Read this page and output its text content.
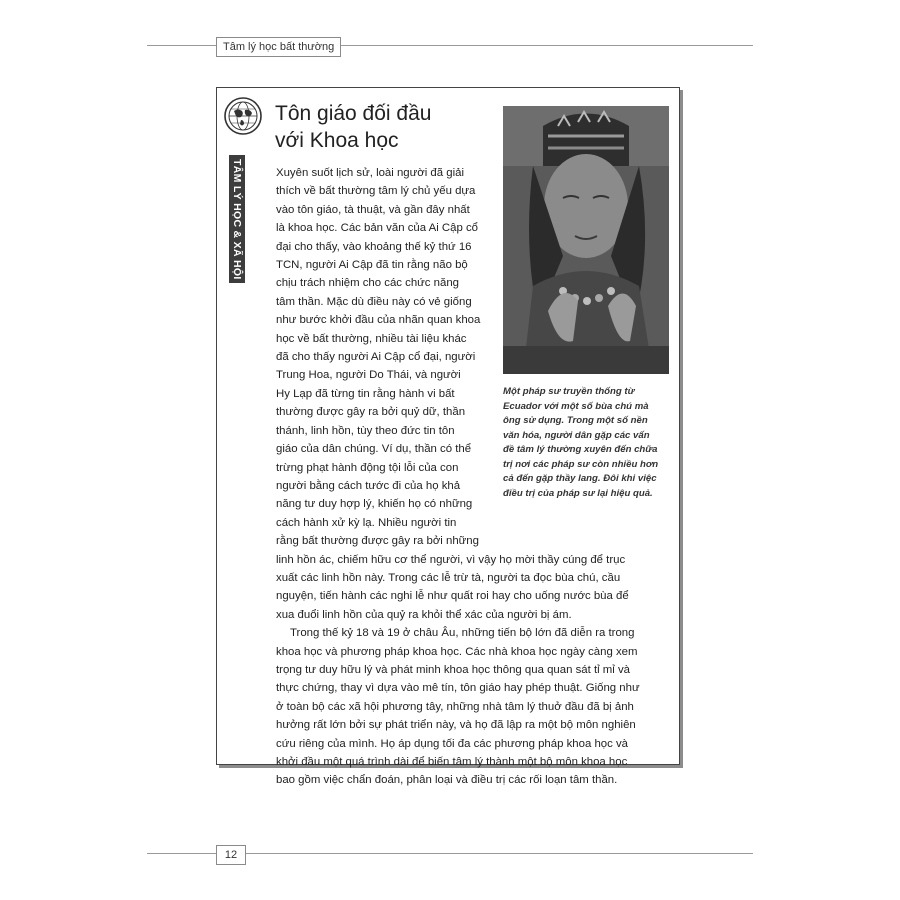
Tâm lý học bất thường
TÂM LÝ HỌC & XÃ HỘI
Tôn giáo đối đầu
với Khoa học
Một pháp sư truyền thống từ
Ecuador với một số bùa chú mà
ông sử dụng. Trong một số nền
văn hóa, người dân gặp các vấn
đề tâm lý thường xuyên đến chữa
trị nơi các pháp sư còn nhiều hơn
cả đến gặp thầy lang. Đôi khi việc
điều trị của pháp sư lại hiệu quả.
Xuyên suốt lịch sử, loài người đã giải
thích về bất thường tâm lý chủ yếu dựa
vào tôn giáo, tà thuật, và gần đây nhất
là khoa học. Các bản văn của Ai Cập cổ
đại cho thấy, vào khoảng thế kỷ thứ 16
TCN, người Ai Cập đã tin rằng não bộ
chịu trách nhiệm cho các chức năng
tâm thần. Mặc dù điều này có vẻ giống
như bước khởi đầu của nhãn quan khoa
học về bất thường, nhiều tài liệu khác
đã cho thấy người Ai Cập cổ đại, người
Trung Hoa, người Do Thái, và người
Hy Lạp đã từng tin rằng hành vi bất
thường được gây ra bởi quỷ dữ, thần
thánh, linh hồn, tùy theo đức tin tôn
giáo của dân chúng. Ví dụ, thần có thể
trừng phạt hành động tội lỗi của con
người bằng cách tước đi của họ khả
năng tư duy hợp lý, khiến họ có những
cách hành xử kỳ lạ. Nhiều người tin
rằng bất thường được gây ra bởi những
linh hồn ác, chiếm hữu cơ thể người, vì vậy họ mời thầy cúng để trục
xuất các linh hồn này. Trong các lễ trừ tà, người ta đọc bùa chú, cầu
nguyện, tiến hành các nghi lễ như quất roi hay cho uống nước bùa để
xua đuổi linh hồn của quỷ ra khỏi thể xác của người bị ám.
Trong thế kỷ 18 và 19 ở châu Âu, những tiến bộ lớn đã diễn ra trong
khoa học và phương pháp khoa học. Các nhà khoa học ngày càng xem
trọng tư duy hữu lý và phát minh khoa học thông qua quan sát tỉ mỉ và
thực chứng, thay vì dựa vào mê tín, tôn giáo hay phép thuật. Giống như
ở toàn bộ các xã hội phương tây, những nhà tâm lý thuở đầu đã bị ảnh
hưởng rất lớn bởi sự phát triển này, và họ đã lập ra một bộ môn nghiên
cứu riêng của mình. Họ áp dụng tối đa các phương pháp khoa học và
khởi đầu một quá trình dài để biến tâm lý thành một bộ môn khoa học
bao gồm việc chẩn đoán, phân loại và điều trị các rối loạn tâm thần.
12
